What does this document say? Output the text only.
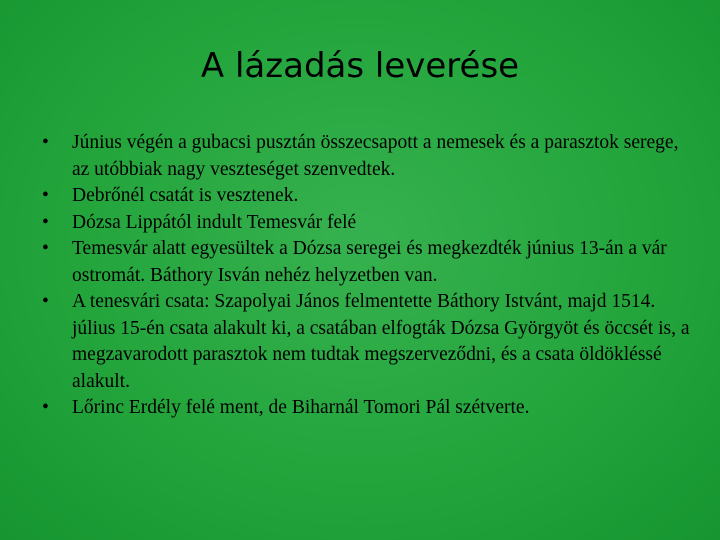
A lázadás leverése
•	Június végén a gubacsi pusztán összecsapott a nemesek és a parasztok serege, az utóbbiak nagy veszteséget szenvedtek.
•	Debrőnél csatát is vesztenek.
•	Dózsa Lippától indult Temesvár felé
•	Temesvár alatt egyesültek a Dózsa seregei és megkezdték június 13-án a vár ostromát. Báthory Isván nehéz helyzetben van.
•	A tenesvári csata: Szapolyai János felmentette Báthory Istvánt, majd 1514. július 15-én csata alakult ki, a csatában elfogták Dózsa Györgyöt és öccsét is, a megzavarodott parasztok nem tudtak megszerveződni, és a csata öldökléssé alakult.
•	Lőrinc Erdély felé ment, de Biharnál Tomori Pál szétverte.
